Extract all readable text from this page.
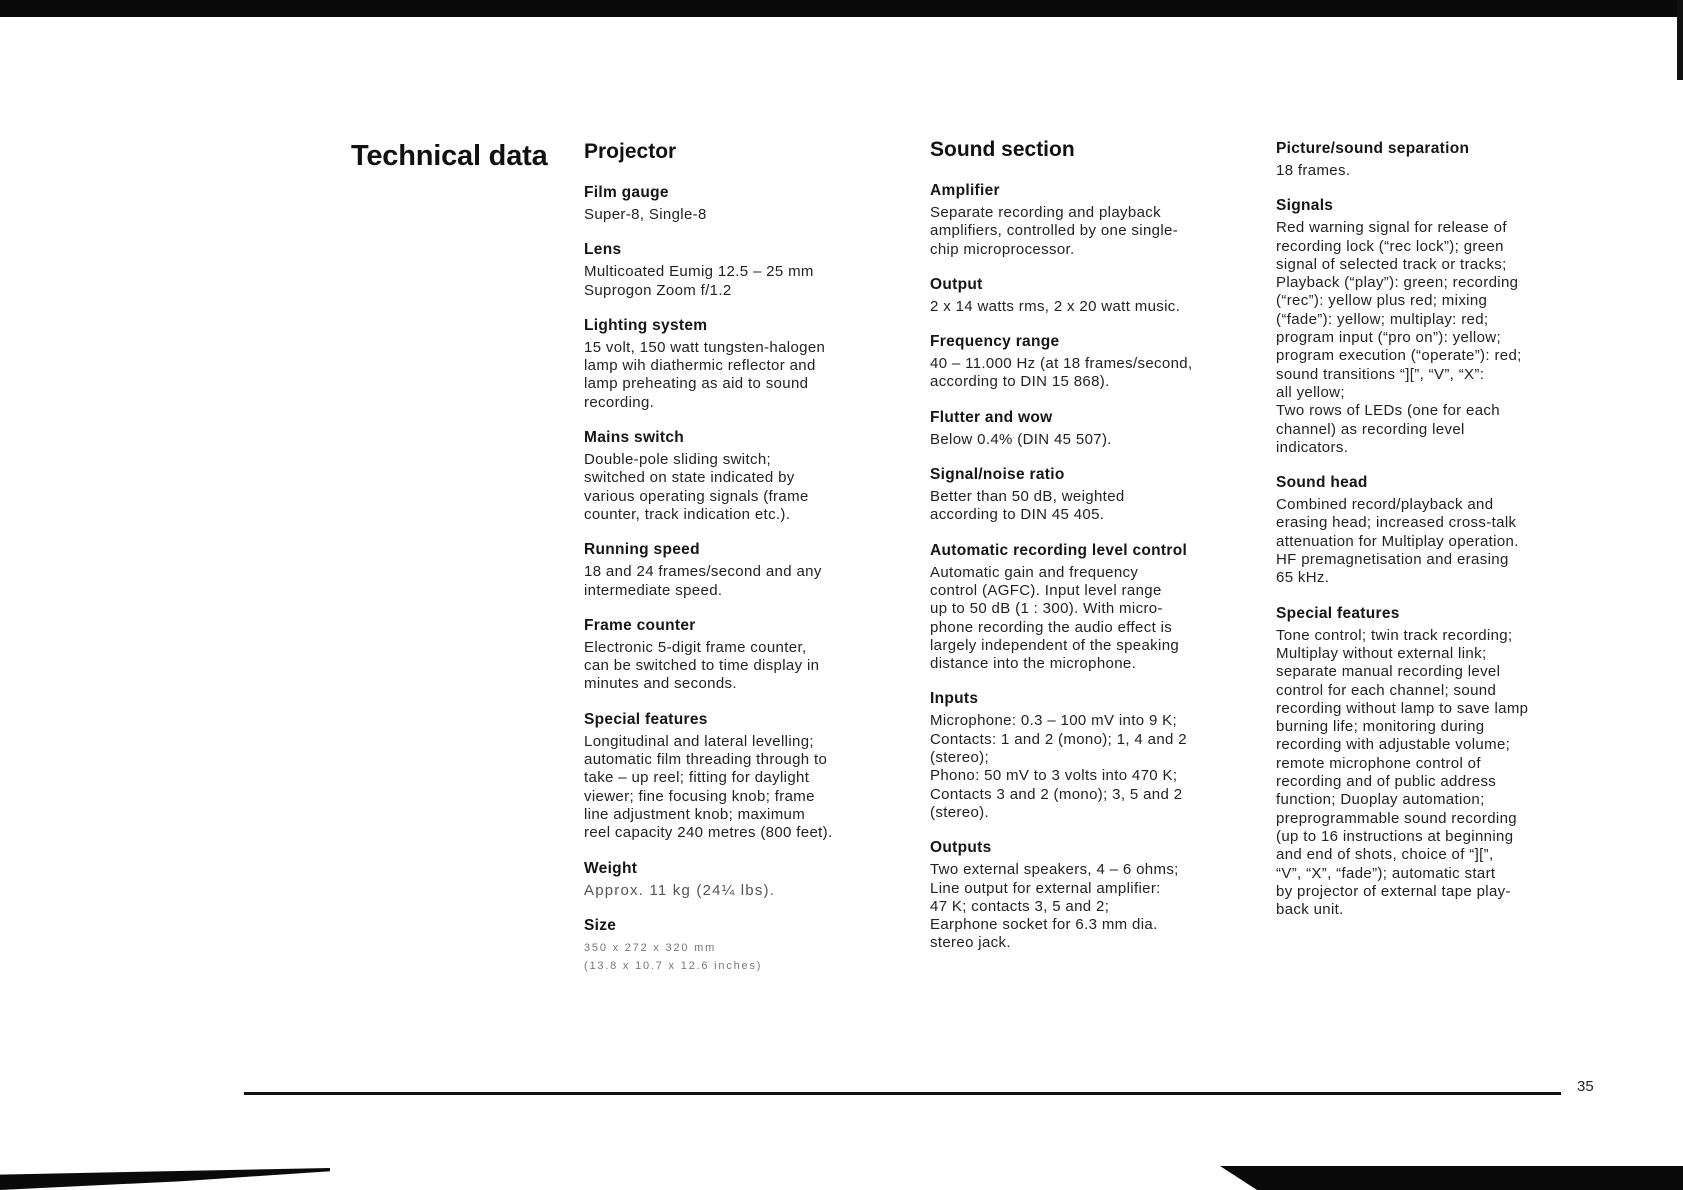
Technical data Projector
Film gauge

Super-8, Single-8

Lens

Multicoated Eumig 12.5 – 25 mm
Suprogon Zoom f/1.2

Lighting system

15 volt, 150 watt tungsten-halogen
lamp wih diathermic reflector and
lamp preheating as aid to sound
recording.

Mains switch

Double-pole sliding switch;
switched on state indicated by
various operating signals (frame
counter, track indication etc.).

Running speed

18 and 24 frames/second and any
intermediate speed.

Frame counter

Electronic 5-digit frame counter,
can be switched to time display in
minutes and seconds.

Special features

Longitudinal and lateral levelling;
automatic film threading through to
take – up reel; fitting for daylight
viewer; fine focusing knob; frame
line adjustment knob; maximum
reel capacity 240 metres (800 feet).

Weight

Approx. 11 kg (24¼ lbs).

Size

350 x 272 x 320 mm
(13.8 x 10.7 x 12.6 inches)

Sound section
Amplifier

Separate recording and playback
amplifiers, controlled by one single-
chip microprocessor.

Output

2 x 14 watts rms, 2 x 20 watt music.

Frequency range

40 – 11.000 Hz (at 18 frames/second,
according to DIN 15 868).

Flutter and wow

Below 0.4% (DIN 45 507).

Signal/noise ratio

Better than 50 dB, weighted
according to DIN 45 405.

Automatic recording level control

Automatic gain and frequency
control (AGFC). Input level range
up to 50 dB (1 : 300). With micro-
phone recording the audio effect is
largely independent of the speaking
distance into the microphone.

Inputs

Microphone: 0.3 – 100 mV into 9 K;
Contacts: 1 and 2 (mono); 1, 4 and 2
(stereo);
Phono: 50 mV to 3 volts into 470 K;
Contacts 3 and 2 (mono); 3, 5 and 2
(stereo).

Outputs

Two external speakers, 4 – 6 ohms;
Line output for external amplifier:
47 K; contacts 3, 5 and 2;
Earphone socket for 6.3 mm dia.
stereo jack.

Picture/sound separation

18 frames.

Signals

Red warning signal for release of
recording lock (“rec lock”); green
signal of selected track or tracks;
Playback (“play”): green; recording
(“rec”): yellow plus red; mixing
(“fade”): yellow; multiplay: red;
program input (“pro on”): yellow;
program execution (“operate”): red;
sound transitions “][”, “V”, “X”:
all yellow;
Two rows of LEDs (one for each
channel) as recording level
indicators.

Sound head

Combined record/playback and
erasing head; increased cross-talk
attenuation for Multiplay operation.
HF premagnetisation and erasing
65 kHz.

Special features

Tone control; twin track recording;
Multiplay without external link;
separate manual recording level
control for each channel; sound
recording without lamp to save lamp
burning life; monitoring during
recording with adjustable volume;
remote microphone control of
recording and of public address
function; Duoplay automation;
preprogrammable sound recording
(up to 16 instructions at beginning
and end of shots, choice of “][”,
“V”, “X”, “fade”); automatic start
by projector of external tape play-
back unit.

35
